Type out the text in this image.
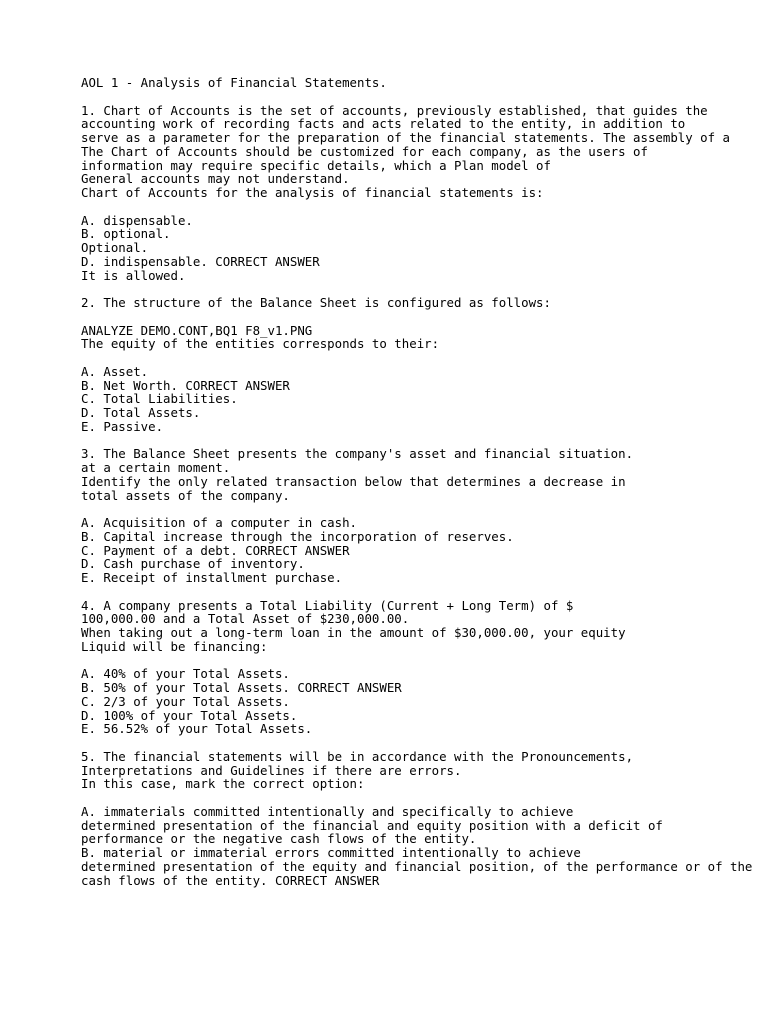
AOL 1 - Analysis of Financial Statements.
1. Chart of Accounts is the set of accounts, previously established, that guides the
accounting work of recording facts and acts related to the entity, in addition to
serve as a parameter for the preparation of the financial statements. The assembly of a
The Chart of Accounts should be customized for each company, as the users of
information may require specific details, which a Plan model of
General accounts may not understand.
Chart of Accounts for the analysis of financial statements is:
A. dispensable.
B. optional.
Optional.
D. indispensable. CORRECT ANSWER
It is allowed.
2. The structure of the Balance Sheet is configured as follows:
ANALYZE DEMO.CONT,BQ1 F8_v1.PNG
The equity of the entities corresponds to their:
A. Asset.
B. Net Worth. CORRECT ANSWER
C. Total Liabilities.
D. Total Assets.
E. Passive.
3. The Balance Sheet presents the company's asset and financial situation.
at a certain moment.
Identify the only related transaction below that determines a decrease in
total assets of the company.
A. Acquisition of a computer in cash.
B. Capital increase through the incorporation of reserves.
C. Payment of a debt. CORRECT ANSWER
D. Cash purchase of inventory.
E. Receipt of installment purchase.
4. A company presents a Total Liability (Current + Long Term) of $
100,000.00 and a Total Asset of $230,000.00.
When taking out a long-term loan in the amount of $30,000.00, your equity
Liquid will be financing:
A. 40% of your Total Assets.
B. 50% of your Total Assets. CORRECT ANSWER
C. 2/3 of your Total Assets.
D. 100% of your Total Assets.
E. 56.52% of your Total Assets.
5. The financial statements will be in accordance with the Pronouncements,
Interpretations and Guidelines if there are errors.
In this case, mark the correct option:
A. immaterials committed intentionally and specifically to achieve
determined presentation of the financial and equity position with a deficit of
performance or the negative cash flows of the entity.
B. material or immaterial errors committed intentionally to achieve
determined presentation of the equity and financial position, of the performance or of the
cash flows of the entity. CORRECT ANSWER
